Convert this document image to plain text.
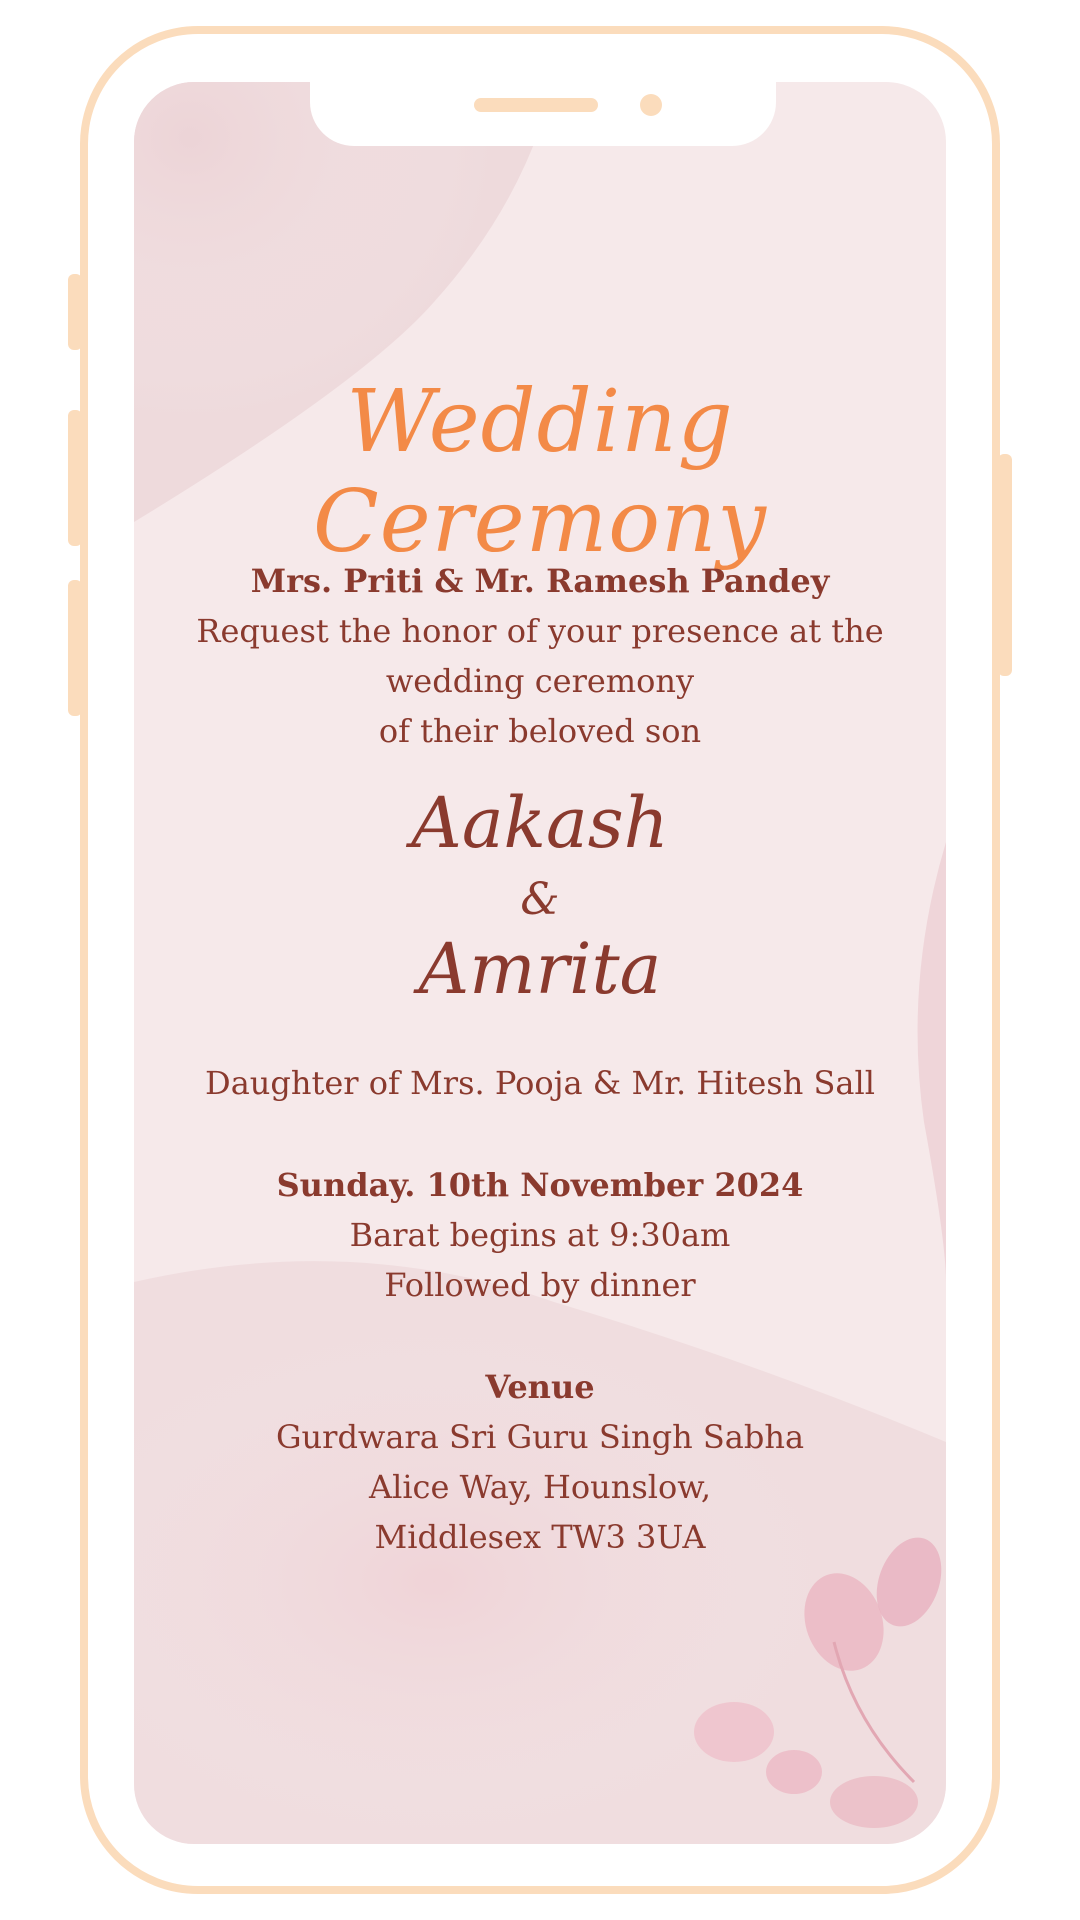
Wedding Ceremony
Mrs. Priti & Mr. Ramesh Pandey
Request the honor of your presence at the
wedding ceremony
of their beloved son
Aakash
&
Amrita
Daughter of Mrs. Pooja & Mr. Hitesh Sall
Sunday. 10th November 2024
Barat begins at 9:30am
Followed by dinner
Venue
Gurdwara Sri Guru Singh Sabha
Alice Way, Hounslow,
Middlesex TW3 3UA
